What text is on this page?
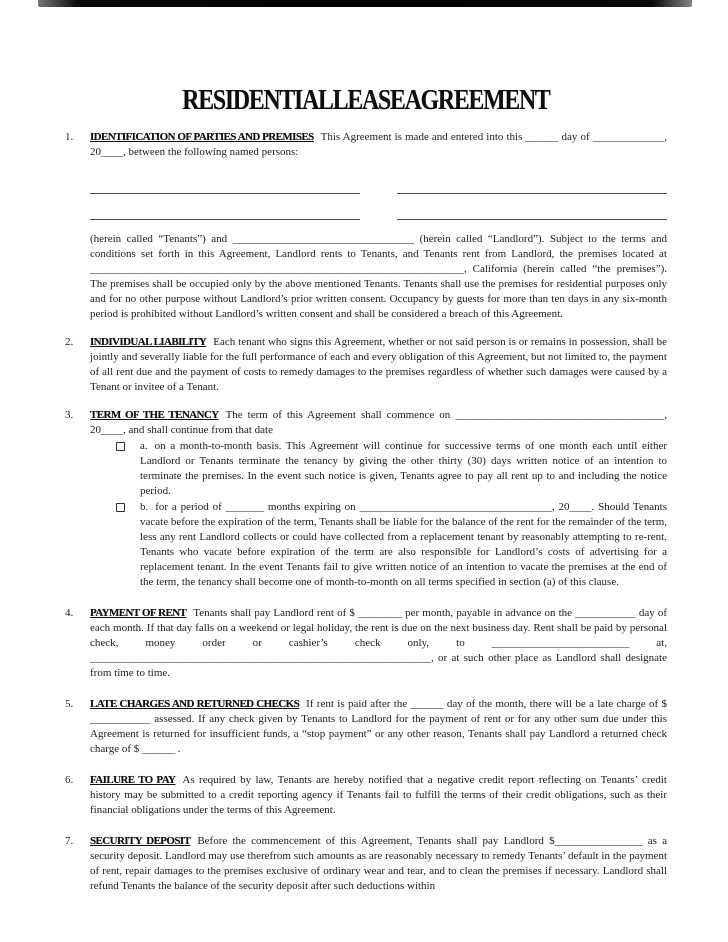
RESIDENTIAL LEASE AGREEMENT
1.	IDENTIFICATION OF PARTIES AND PREMISES This Agreement is made and entered into this ______ day of _____________, 20____, between the following named persons:
(herein called “Tenants”) and _________________________________ (herein called “Landlord”). Subject to the terms and conditions set forth in this Agreement, Landlord rents to Tenants, and Tenants rent from Landlord, the premises located at ____________________________________________________________________, California (herein called “the premises”). The premises shall be occupied only by the above mentioned Tenants. Tenants shall use the premises for residential purposes only and for no other purpose without Landlord’s prior written consent. Occupancy by guests for more than ten days in any six-month period is prohibited without Landlord’s written consent and shall be considered a breach of this Agreement.
2.	INDIVIDUAL LIABILITY Each tenant who signs this Agreement, whether or not said person is or remains in possession, shall be jointly and severally liable for the full performance of each and every obligation of this Agreement, but not limited to, the payment of all rent due and the payment of costs to remedy damages to the premises regardless of whether such damages were caused by a Tenant or invitee of a Tenant.
3.	TERM OF THE TENANCY The term of this Agreement shall commence on ______________________________________, 20____, and shall continue from that date
a. on a month-to-month basis. This Agreement will continue for successive terms of one month each until either Landlord or Tenants terminate the tenancy by giving the other thirty (30) days written notice of an intention to terminate the premises. In the event such notice is given, Tenants agree to pay all rent up to and including the notice period.
b. for a period of _______ months expiring on ___________________________________, 20____. Should Tenants vacate before the expiration of the term, Tenants shall be liable for the balance of the rent for the remainder of the term, less any rent Landlord collects or could have collected from a replacement tenant by reasonably attempting to re-rent. Tenants who vacate before expiration of the term are also responsible for Landlord’s costs of advertising for a replacement tenant. In the event Tenants fail to give written notice of an intention to vacate the premises at the end of the term, the tenancy shall become one of month-to-month on all terms specified in section (a) of this clause.
4.	PAYMENT OF RENT Tenants shall pay Landlord rent of $ ________ per month, payable in advance on the ___________ day of each month. If that day falls on a weekend or legal holiday, the rent is due on the next business day. Rent shall be paid by personal check, money order or cashier’s check only, to _________________________ at, ______________________________________________________________, or at such other place as Landlord shall designate from time to time.
5.	LATE CHARGES AND RETURNED CHECKS If rent is paid after the ______ day of the month, there will be a late charge of $ ___________ assessed. If any check given by Tenants to Landlord for the payment of rent or for any other sum due under this Agreement is returned for insufficient funds, a “stop payment” or any other reason, Tenants shall pay Landlord a returned check charge of $ ______ .
6.	FAILURE TO PAY As required by law, Tenants are hereby notified that a negative credit report reflecting on Tenants’ credit history may be submitted to a credit reporting agency if Tenants fail to fulfill the terms of their credit obligations, such as their financial obligations under the terms of this Agreement.
7.	SECURITY DEPOSIT Before the commencement of this Agreement, Tenants shall pay Landlord $________________ as a security deposit. Landlord may use therefrom such amounts as are reasonably necessary to remedy Tenants’ default in the payment of rent, repair damages to the premises exclusive of ordinary wear and tear, and to clean the premises if necessary. Landlord shall refund Tenants the balance of the security deposit after such deductions within
